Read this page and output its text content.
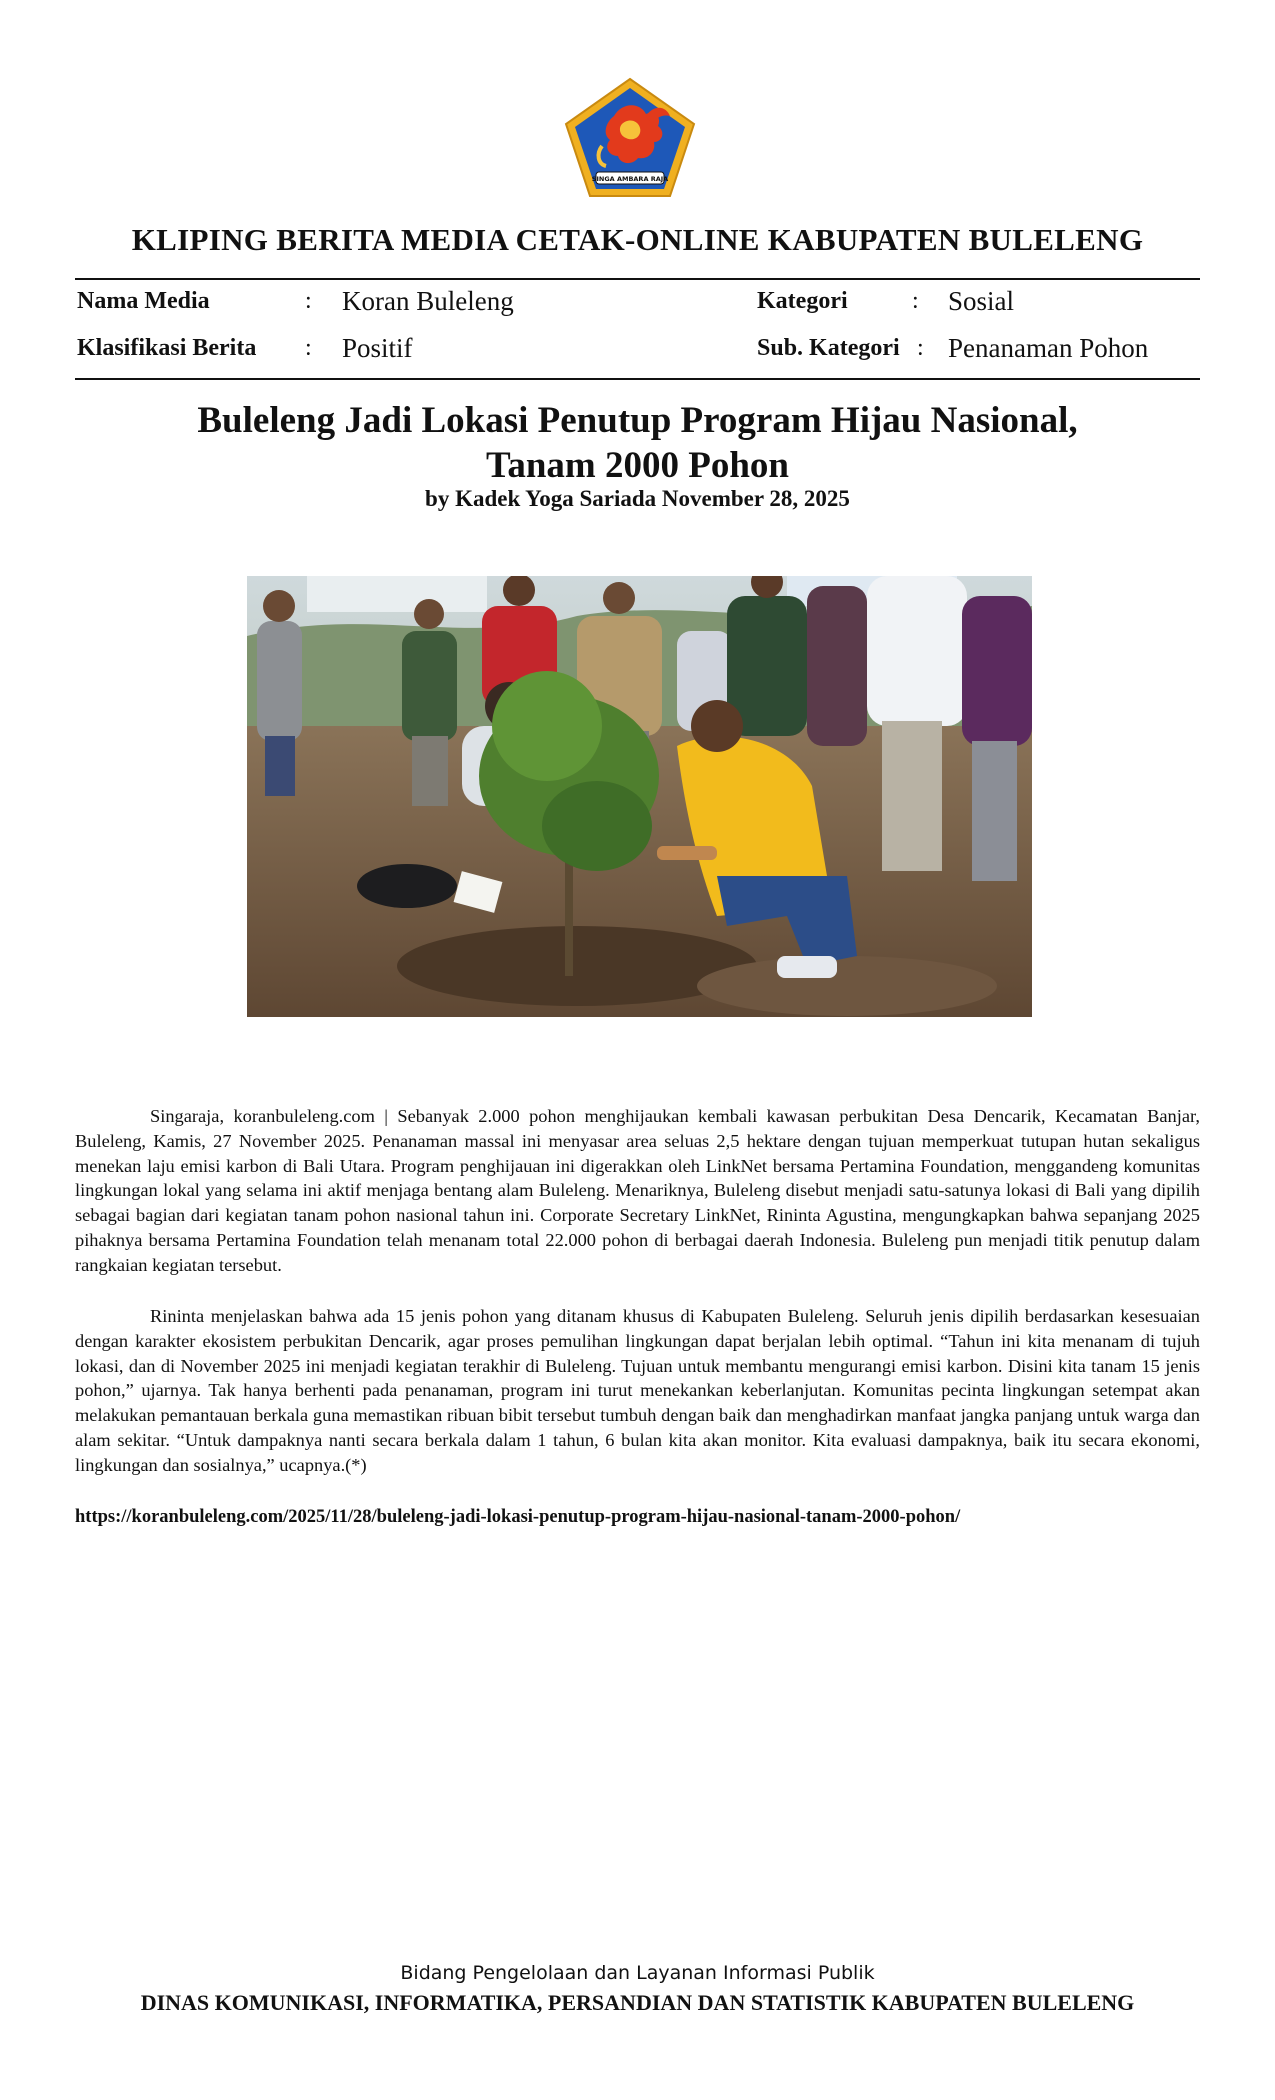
SINGA AMBARA RAJA
KLIPING BERITA MEDIA CETAK-ONLINE KABUPATEN BULELENG
Nama Media	: Koran Buleleng	Kategori	: Sosial
Klasifikasi Berita : Positif	Sub. Kategori : Penanaman Pohon
Buleleng Jadi Lokasi Penutup Program Hijau Nasional,
Tanam 2000 Pohon
by Kadek Yoga Sariada November 28, 2025

Singaraja, koranbuleleng.com | Sebanyak 2.000 pohon menghijaukan kembali kawasan perbukitan Desa Dencarik, Kecamatan Banjar, Buleleng, Kamis, 27 November 2025. Penanaman massal ini menyasar area seluas 2,5 hektare dengan tujuan memperkuat tutupan hutan sekaligus menekan laju emisi karbon di Bali Utara. Program penghijauan ini digerakkan oleh LinkNet bersama Pertamina Foundation, menggandeng komunitas lingkungan lokal yang selama ini aktif menjaga bentang alam Buleleng. Menariknya, Buleleng disebut menjadi satu-satunya lokasi di Bali yang dipilih sebagai bagian dari kegiatan tanam pohon nasional tahun ini. Corporate Secretary LinkNet, Rininta Agustina, mengungkapkan bahwa sepanjang 2025 pihaknya bersama Pertamina Foundation telah menanam total 22.000 pohon di berbagai daerah Indonesia. Buleleng pun menjadi titik penutup dalam rangkaian kegiatan tersebut.

Rininta menjelaskan bahwa ada 15 jenis pohon yang ditanam khusus di Kabupaten Buleleng. Seluruh jenis dipilih berdasarkan kesesuaian dengan karakter ekosistem perbukitan Dencarik, agar proses pemulihan lingkungan dapat berjalan lebih optimal. “Tahun ini kita menanam di tujuh lokasi, dan di November 2025 ini menjadi kegiatan terakhir di Buleleng. Tujuan untuk membantu mengurangi emisi karbon. Disini kita tanam 15 jenis pohon,” ujarnya. Tak hanya berhenti pada penanaman, program ini turut menekankan keberlanjutan. Komunitas pecinta lingkungan setempat akan melakukan pemantauan berkala guna memastikan ribuan bibit tersebut tumbuh dengan baik dan menghadirkan manfaat jangka panjang untuk warga dan alam sekitar. “Untuk dampaknya nanti secara berkala dalam 1 tahun, 6 bulan kita akan monitor. Kita evaluasi dampaknya, baik itu secara ekonomi, lingkungan dan sosialnya,” ucapnya.(*)

https://koranbuleleng.com/2025/11/28/buleleng-jadi-lokasi-penutup-program-hijau-nasional-tanam-2000-pohon/
Bidang Pengelolaan dan Layanan Informasi Publik
DINAS KOMUNIKASI, INFORMATIKA, PERSANDIAN DAN STATISTIK KABUPATEN BULELENG
